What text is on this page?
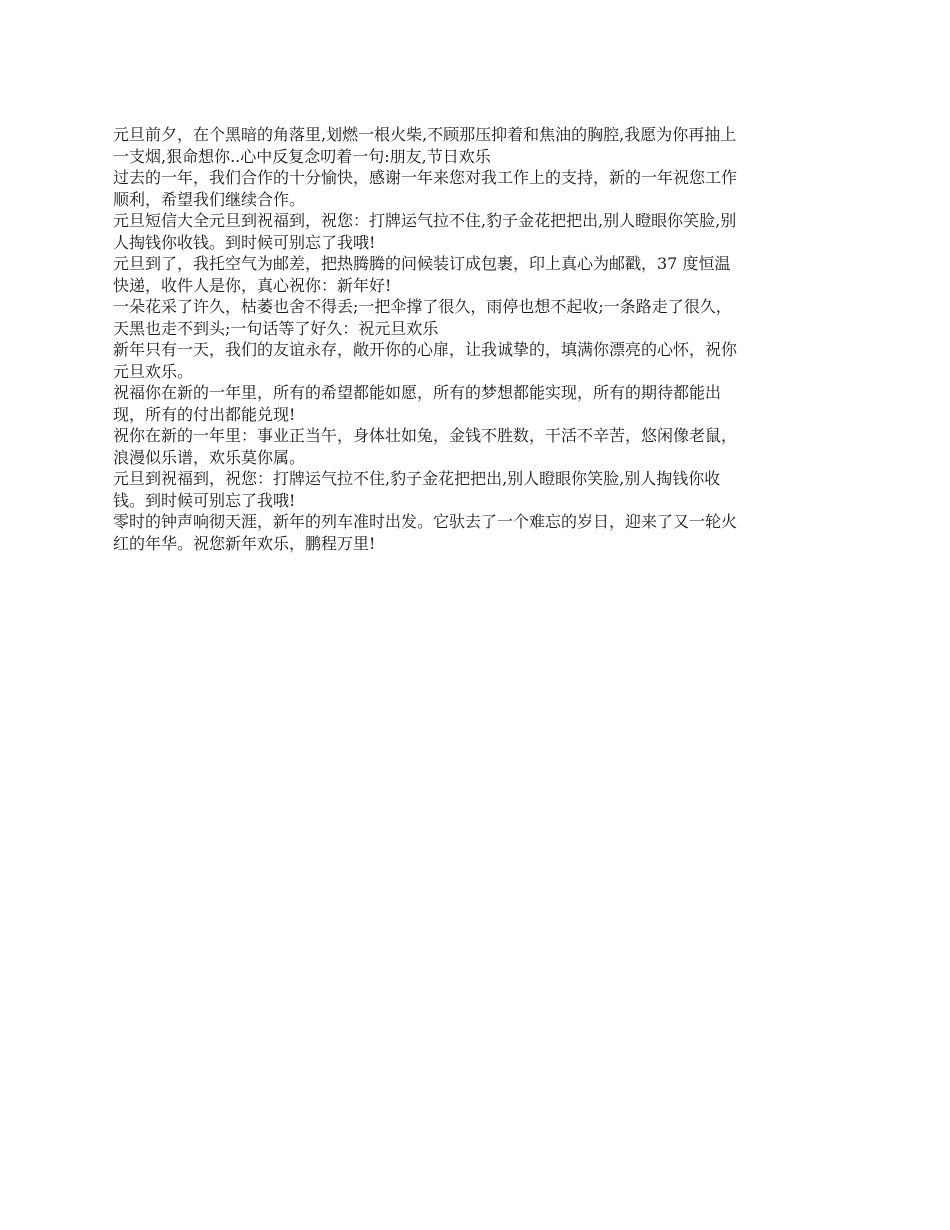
元旦前夕，在个黑暗的角落里,划燃一根火柴,不顾那压抑着和焦油的胸腔,我愿为你再抽上
一支烟,狠命想你..心中反复念叨着一句:朋友,节日欢乐

过去的一年，我们合作的十分愉快，感谢一年来您对我工作上的支持，新的一年祝您工作
顺利，希望我们继续合作。

元旦短信大全元旦到祝福到，祝您：打牌运气拉不住,豹子金花把把出,别人瞪眼你笑脸,别
人掏钱你收钱。到时候可别忘了我哦!

元旦到了，我托空气为邮差，把热腾腾的问候装订成包裹，印上真心为邮戳，37 度恒温
快递，收件人是你，真心祝你：新年好!

一朵花采了许久，枯萎也舍不得丢;一把伞撑了很久，雨停也想不起收;一条路走了很久，
天黑也走不到头;一句话等了好久：祝元旦欢乐

新年只有一天，我们的友谊永存，敞开你的心扉，让我诚挚的，填满你漂亮的心怀，祝你
元旦欢乐。

祝福你在新的一年里，所有的希望都能如愿，所有的梦想都能实现，所有的期待都能出
现，所有的付出都能兑现!

祝你在新的一年里：事业正当午，身体壮如兔，金钱不胜数，干活不辛苦，悠闲像老鼠，
浪漫似乐谱，欢乐莫你属。

元旦到祝福到，祝您：打牌运气拉不住,豹子金花把把出,别人瞪眼你笑脸,别人掏钱你收
钱。到时候可别忘了我哦!

零时的钟声响彻天涯，新年的列车准时出发。它驮去了一个难忘的岁日，迎来了又一轮火
红的年华。祝您新年欢乐，鹏程万里!
